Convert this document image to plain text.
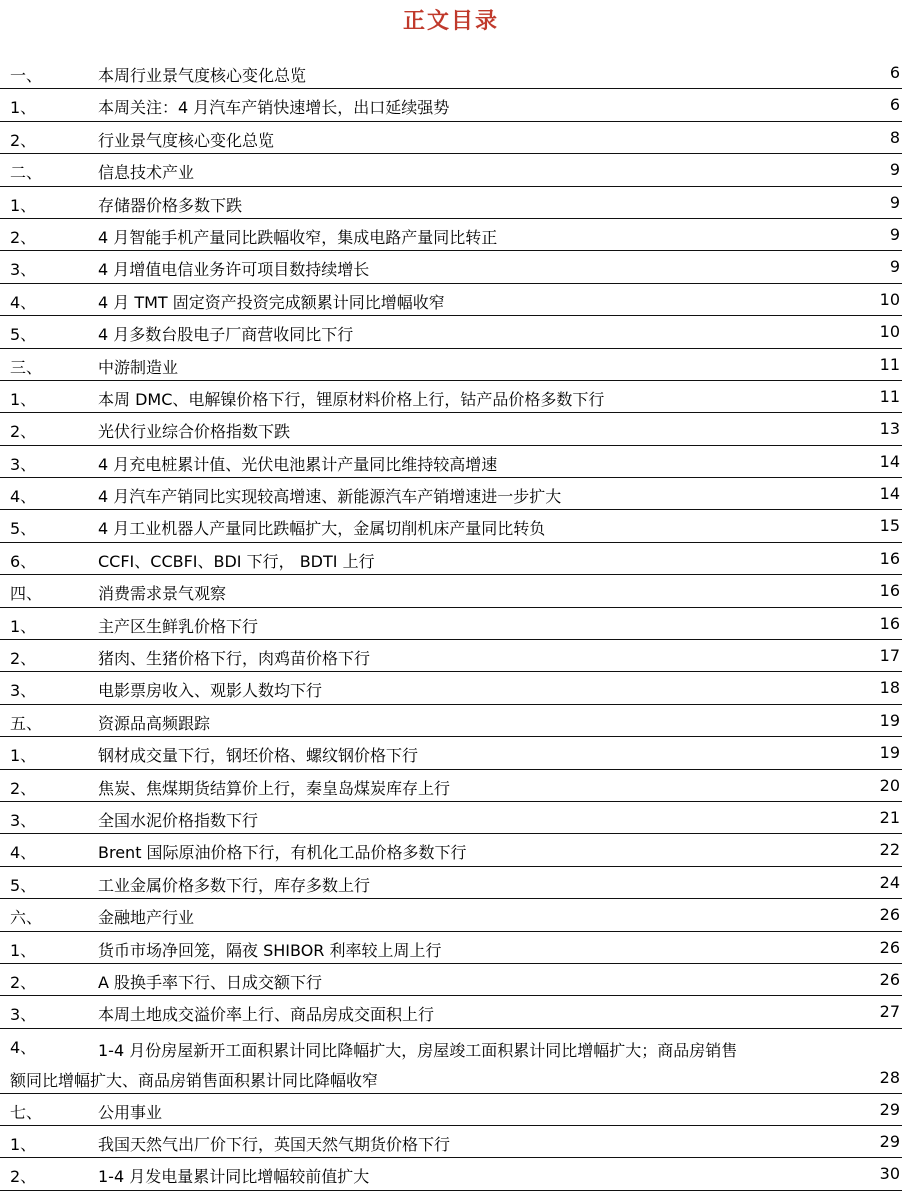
正文目录
一、	本周行业景气度核心变化总览	6
1、	本周关注：4 月汽车产销快速增长，出口延续强势	6
2、	行业景气度核心变化总览	8
二、	信息技术产业	9
1、	存储器价格多数下跌	9
2、	4 月智能手机产量同比跌幅收窄，集成电路产量同比转正	9
3、	4 月增值电信业务许可项目数持续增长	9
4、	4 月 TMT 固定资产投资完成额累计同比增幅收窄	10
5、	4 月多数台股电子厂商营收同比下行	10
三、	中游制造业	11
1、	本周 DMC、电解镍价格下行，锂原材料价格上行，钴产品价格多数下行	11
2、	光伏行业综合价格指数下跌	13
3、	4 月充电桩累计值、光伏电池累计产量同比维持较高增速	14
4、	4 月汽车产销同比实现较高增速、新能源汽车产销增速进一步扩大	14
5、	4 月工业机器人产量同比跌幅扩大，金属切削机床产量同比转负	15
6、	CCFI、CCBFI、BDI 下行， BDTI 上行	16
四、	消费需求景气观察	16
1、	主产区生鲜乳价格下行	16
2、	猪肉、生猪价格下行，肉鸡苗价格下行	17
3、	电影票房收入、观影人数均下行	18
五、	资源品高频跟踪	19
1、	钢材成交量下行，钢坯价格、螺纹钢价格下行	19
2、	焦炭、焦煤期货结算价上行，秦皇岛煤炭库存上行	20
3、	全国水泥价格指数下行	21
4、	Brent 国际原油价格下行，有机化工品价格多数下行	22
5、	工业金属价格多数下行，库存多数上行	24
六、	金融地产行业	26
1、	货币市场净回笼，隔夜 SHIBOR 利率较上周上行	26
2、	A 股换手率下行、日成交额下行	26
3、	本周土地成交溢价率上行、商品房成交面积上行	27
4、	1-4 月份房屋新开工面积累计同比降幅扩大，房屋竣工面积累计同比增幅扩大；商品房销售
额同比增幅扩大、商品房销售面积累计同比降幅收窄	28
七、	公用事业	29
1、	我国天然气出厂价下行，英国天然气期货价格下行	29
2、	1-4 月发电量累计同比增幅较前值扩大	30
